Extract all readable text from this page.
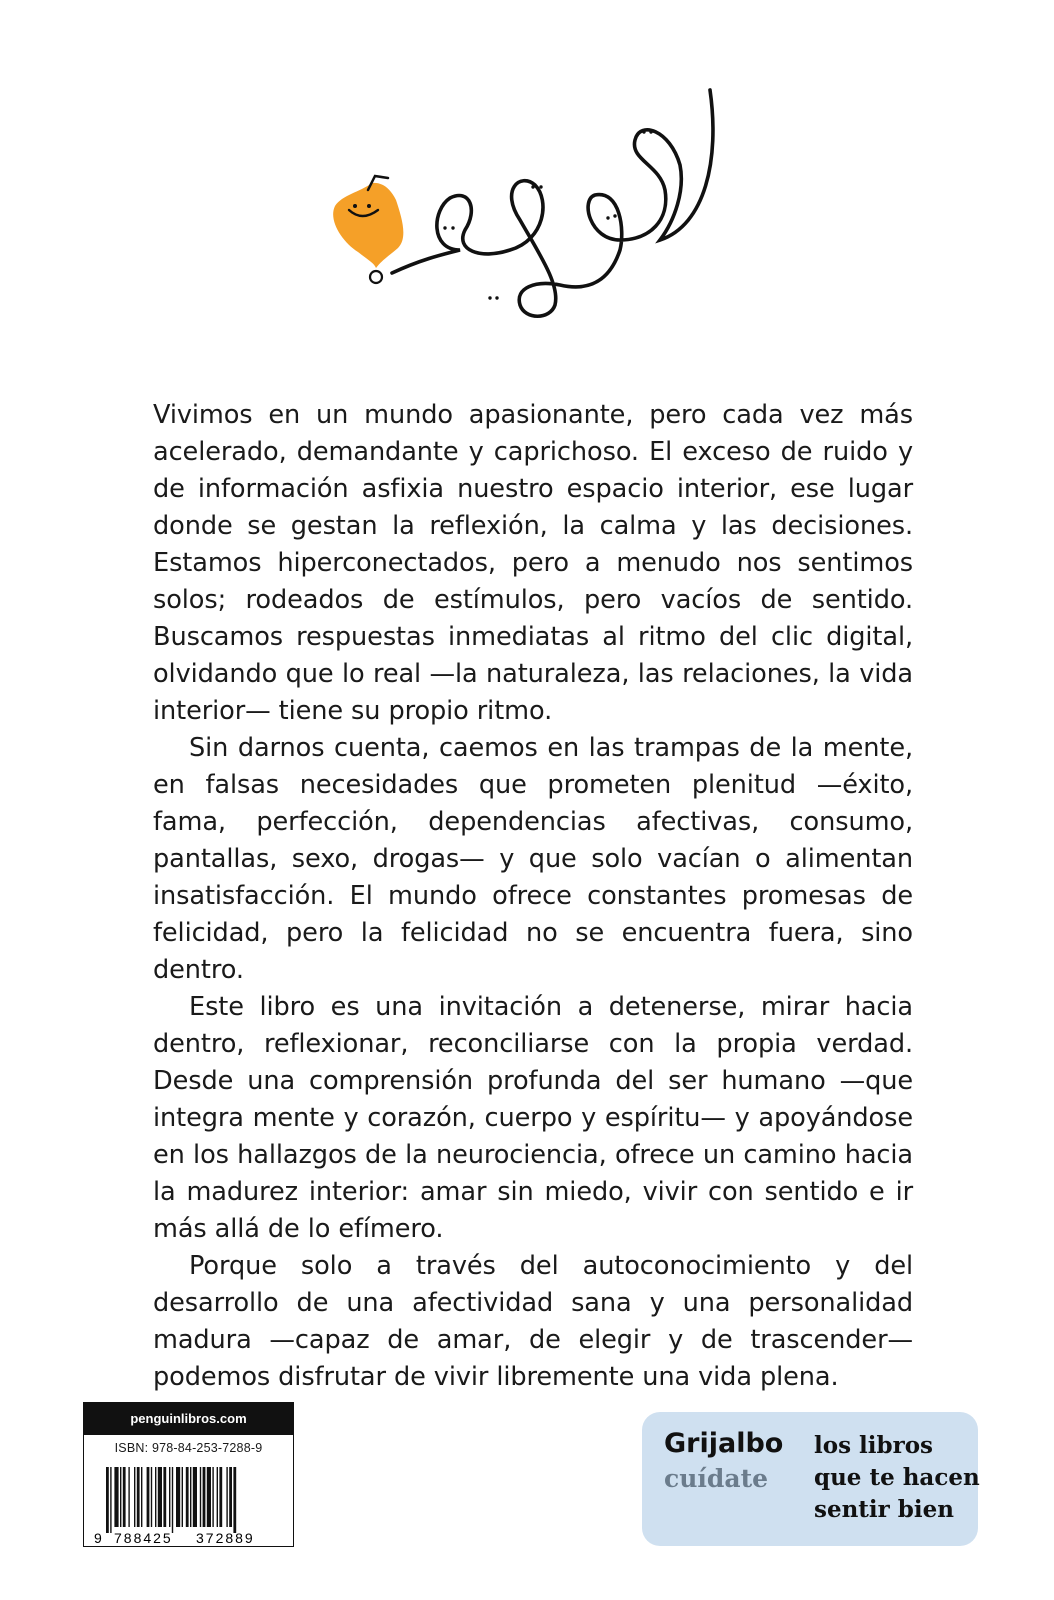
Vivimos en un mundo apasionante, pero cada vez más acelerado, demandante y caprichoso. El exceso de ruido y de información asfixia nuestro espacio interior, ese lugar donde se gestan la reflexión, la calma y las decisiones. Estamos hiperconectados, pero a menudo nos sentimos solos; rodeados de estímulos, pero vacíos de sentido. Buscamos respuestas inmediatas al ritmo del clic digital, olvidando que lo real —la naturaleza, las relaciones, la vida interior— tiene su propio ritmo.

Sin darnos cuenta, caemos en las trampas de la mente, en falsas necesidades que prometen plenitud —éxito, fama, perfección, dependencias afectivas, consumo, pantallas, sexo, drogas— y que solo vacían o alimentan insatisfacción. El mundo ofrece constantes promesas de felicidad, pero la felicidad no se encuentra fuera, sino dentro.

Este libro es una invitación a detenerse, mirar hacia dentro, reflexionar, reconciliarse con la propia verdad. Desde una comprensión profunda del ser humano —que integra mente y corazón, cuerpo y espíritu— y apoyándose en los hallazgos de la neurociencia, ofrece un camino hacia la madurez interior: amar sin miedo, vivir con sentido e ir más allá de lo efímero.

Porque solo a través del autoconocimiento y del desarrollo de una afectividad sana y una personalidad madura —capaz de amar, de elegir y de trascender— podemos disfrutar de vivir libremente una vida plena.

penguinlibros.com
ISBN: 978-84-253-7288-9
9 788425 372889
Grijalbo
cuídate
los libros
que te hacen
sentir bien
